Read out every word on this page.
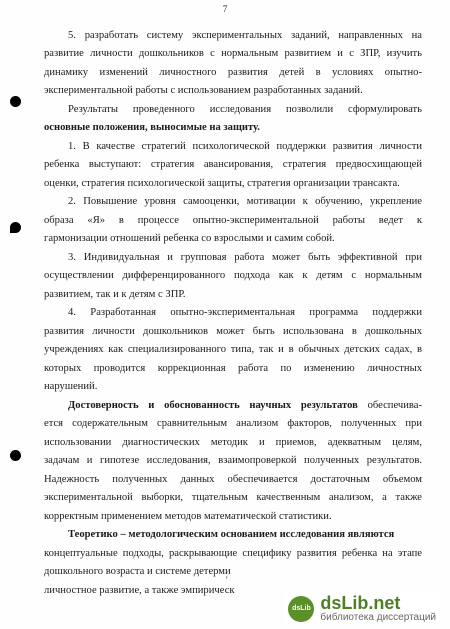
7
5. разработать систему экспериментальных заданий, направленных на
развитие личности дошкольников с нормальным развитием и с ЗПР, изучить
динамику изменений личностного развития детей в условиях опытно-
экспериментальной работы с использованием разработанных заданий.
Результаты проведенного исследования позволили сформулировать
основные положения, выносимые на защиту.
1. В качестве стратегий психологической поддержки развития личности
ребенка выступают: стратегия авансирования, стратегия предвосхищающей
оценки, стратегия психологической защиты, стратегия организации трансакта.
2. Повышение уровня самооценки, мотивации к обучению, укрепление
образа «Я» в процессе опытно-экспериментальной работы ведет к
гармонизации отношений ребенка со взрослыми и самим собой.
3. Индивидуальная и групповая работа может быть эффективной при
осуществлении дифференцированного подхода как к детям с нормальным
развитием, так и к детям с ЗПР.
4. Разработанная опытно-экспериментальная программа поддержки
развития личности дошкольников может быть использована в дошкольных
учреждениях как специализированного типа, так и в обычных детских садах, в
которых проводится коррекционная работа по изменению личностных
нарушений.
Достоверность и обоснованность научных результатов обеспечива-
ется содержательным сравнительным анализом факторов, полученных при
использовании диагностических методик и приемов, адекватным целям,
задачам и гипотезе исследования, взаимопроверкой полученных результатов.
Надежность полученных данных обеспечивается достаточным объемом
экспериментальной выборки, тщательным качественным анализом, а также
корректным применением методов математической статистики.
Теоретико – методологическим основанием исследования являются
концептуальные подходы, раскрывающие специфику развития ребенка на этапе
дошкольного возраста и системе детерми
личностное развитие, а также эмпирическ
'
dsLib dsLib.net
библиотека диссертаций
